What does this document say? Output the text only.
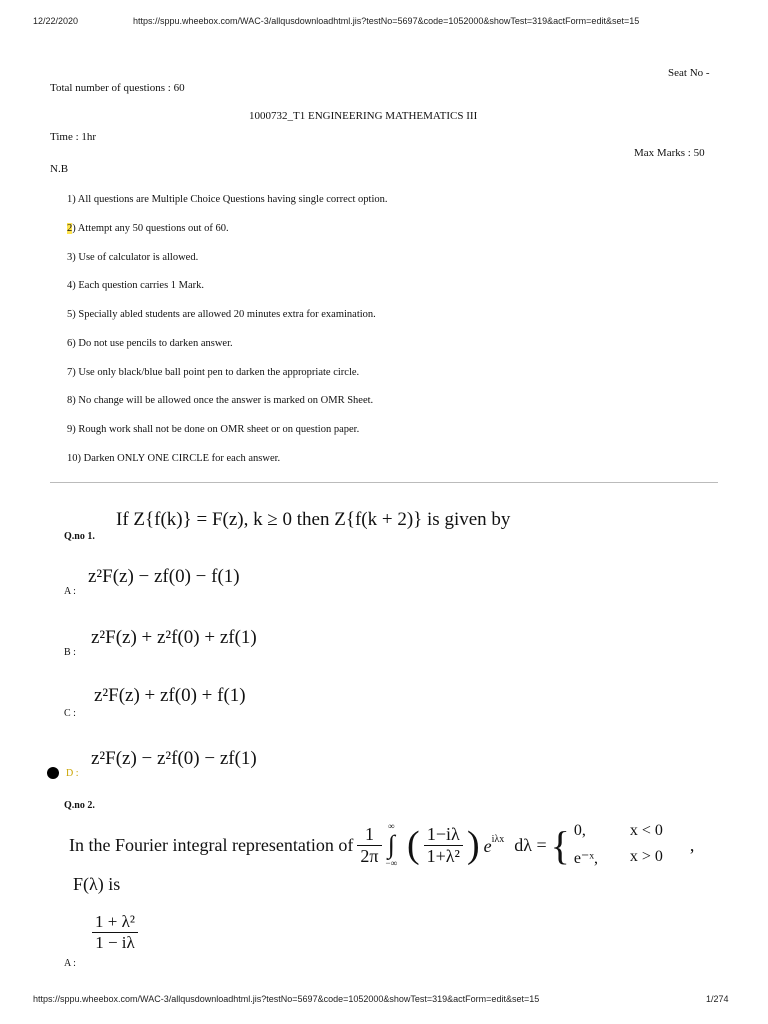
12/22/2020	https://sppu.wheebox.com/WAC-3/allqusdownloadhtml.jis?testNo=5697&code=1052000&showTest=319&actForm=edit&set=15
https://sppu.wheebox.com/WAC-3/allqusdownloadhtml.jis?testNo=5697&code=1052000&showTest=319&actForm=edit&set=15	1/274
Seat No -
Total number of questions : 60
1000732_T1 ENGINEERING MATHEMATICS III
Time : 1hr
Max Marks : 50
N.B
1) All questions are Multiple Choice Questions having single correct option.
2) Attempt any 50 questions out of 60.
3) Use of calculator is allowed.
4) Each question carries 1 Mark.
5) Specially abled students are allowed 20 minutes extra for examination.
6) Do not use pencils to darken answer.
7) Use only black/blue ball point pen to darken the appropriate circle.
8) No change will be allowed once the answer is marked on OMR Sheet.
9) Rough work shall not be done on OMR sheet or on question paper.
10) Darken ONLY ONE CIRCLE for each answer.
Q.no 1.
If Z{f(k)} = F(z), k ≥ 0 then Z{f(k + 2)} is given by
A :
z²F(z) − zf(0) − f(1)
B :
z²F(z) + z²f(0) + zf(1)
C :
z²F(z) + zf(0) + f(1)
D :
z²F(z) − z²f(0) − zf(1)
Q.no 2.
In the Fourier integral representation of $\frac{1}{2\pi}$ ∞
∫
−∞ ( $\frac{1-i\lambda}{\text{1+λ²}}$ ) $e^{i\lambda x}$ dλ = { 0,	x < 0
e⁻ˣ,	x > 0
,
F(λ) is
A :
$\frac{\text{1 + λ²}}{1 - i\lambda}$
